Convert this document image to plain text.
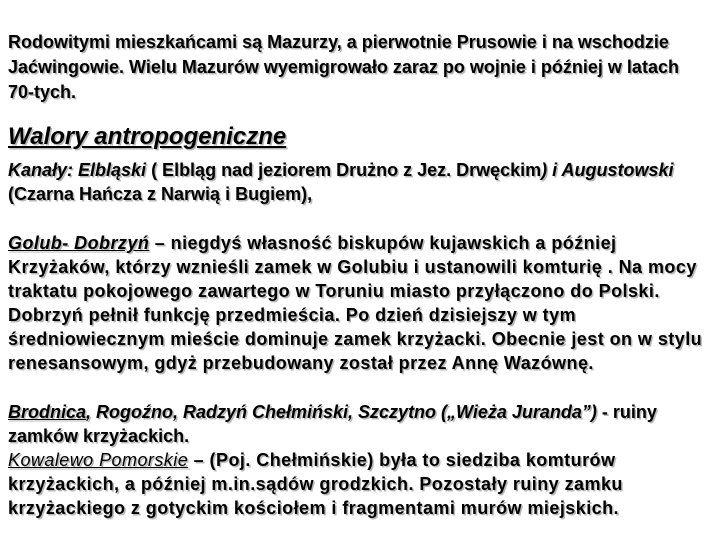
Rodowitymi mieszkańcami są Mazurzy, a pierwotnie Prusowie i na wschodzie Jaćwingowie. Wielu Mazurów wyemigrowało zaraz po wojnie i później w latach 70-tych.
Walory antropogeniczne
Kanały: Elbląski ( Elbląg nad jeziorem Drużno z Jez. Drwęckim) i Augustowski (Czarna Hańcza z Narwią i Bugiem),
Golub- Dobrzyń – niegdyś własność biskupów kujawskich a później Krzyżaków, którzy wznieśli zamek w Golubiu i ustanowili komturię . Na mocy traktatu pokojowego zawartego w Toruniu miasto przyłączono do Polski. Dobrzyń pełnił funkcję przedmieścia. Po dzień dzisiejszy w tym średniowiecznym mieście dominuje zamek krzyżacki. Obecnie jest on w stylu renesansowym, gdyż przebudowany został przez Annę Wazównę.
Brodnica, Rogoźno, Radzyń Chełmiński, Szczytno („Wieża Juranda”) - ruiny zamków krzyżackich.
Kowalewo Pomorskie – (Poj. Chełmińskie) była to siedziba komturów krzyżackich, a później m.in.sądów grodzkich. Pozostały ruiny zamku krzyżackiego z gotyckim kościołem i fragmentami murów miejskich.
